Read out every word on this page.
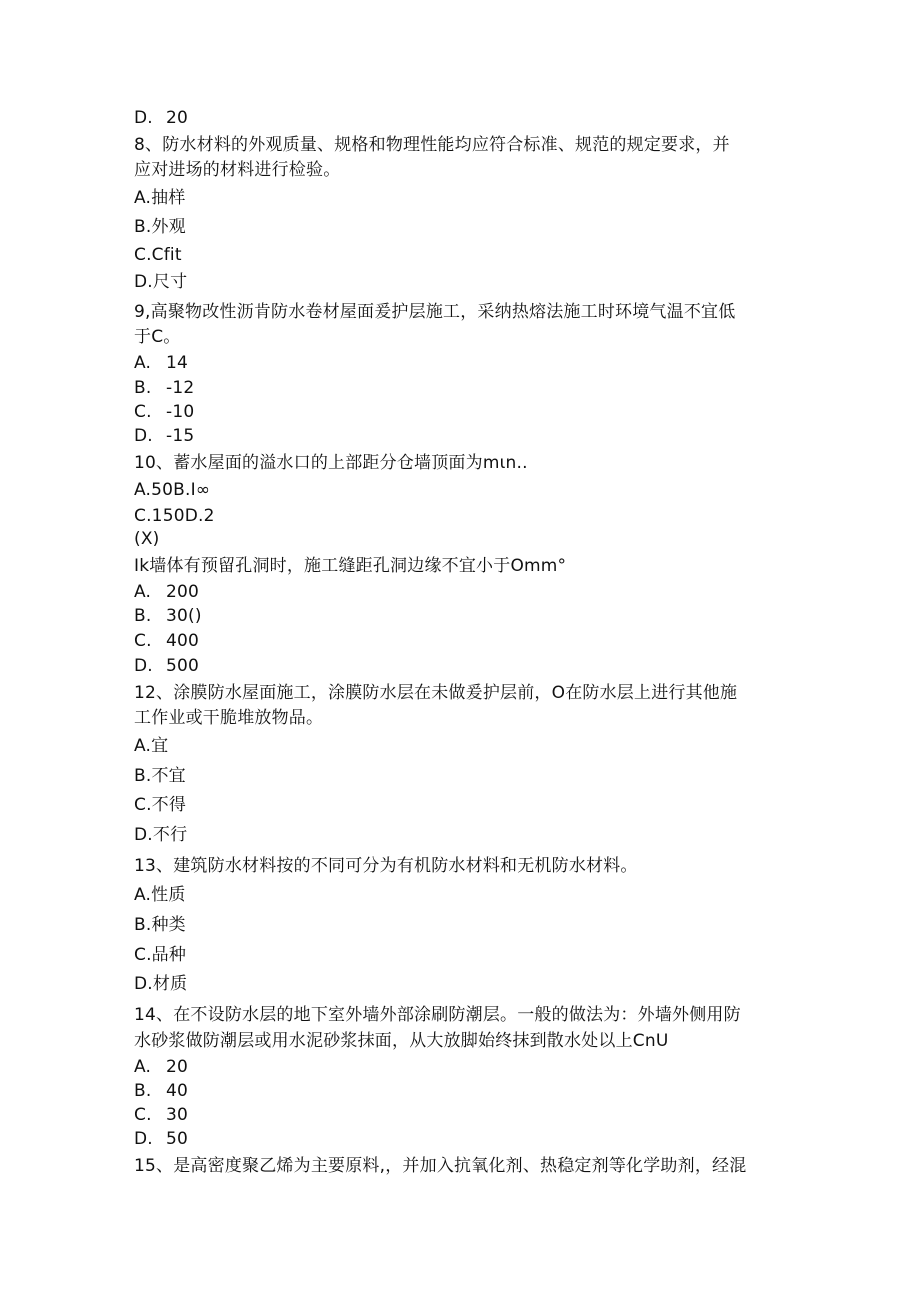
D. 20
8、防水材料的外观质量、规格和物理性能均应符合标准、规范的规定要求，并
应对进场的材料进行检验。
A.抽样
B.外观
C.Cfit
D.尺寸
9,高聚物改性沥肯防水卷材屋面爰护层施工，采纳热熔法施工时环境气温不宜低
于C。
A. 14
B. -12
C. -10
D. -15
10、蓄水屋面的溢水口的上部距分仓墙顶面为mιn..
A.50B.I∞
C.150D.2
(X)
Ik墙体有预留孔洞时，施工缝距孔洞边缘不宜小于Omm°
A. 200
B. 30()
C. 400
D. 500
12、涂膜防水屋面施工，涂膜防水层在未做爰护层前，O在防水层上进行其他施
工作业或干脆堆放物品。
A.宜
B.不宜
C.不得
D.不行
13、建筑防水材料按的不同可分为有机防水材料和无机防水材料。
A.性质
B.种类
C.品种
D.材质
14、在不设防水层的地下室外墙外部涂刷防潮层。一般的做法为：外墙外侧用防
水砂浆做防潮层或用水泥砂浆抹面，从大放脚始终抹到散水处以上CnU
A. 20
B. 40
C. 30
D. 50
15、是高密度聚乙烯为主要原料,，并加入抗氧化剂、热稳定剂等化学助剂，经混
